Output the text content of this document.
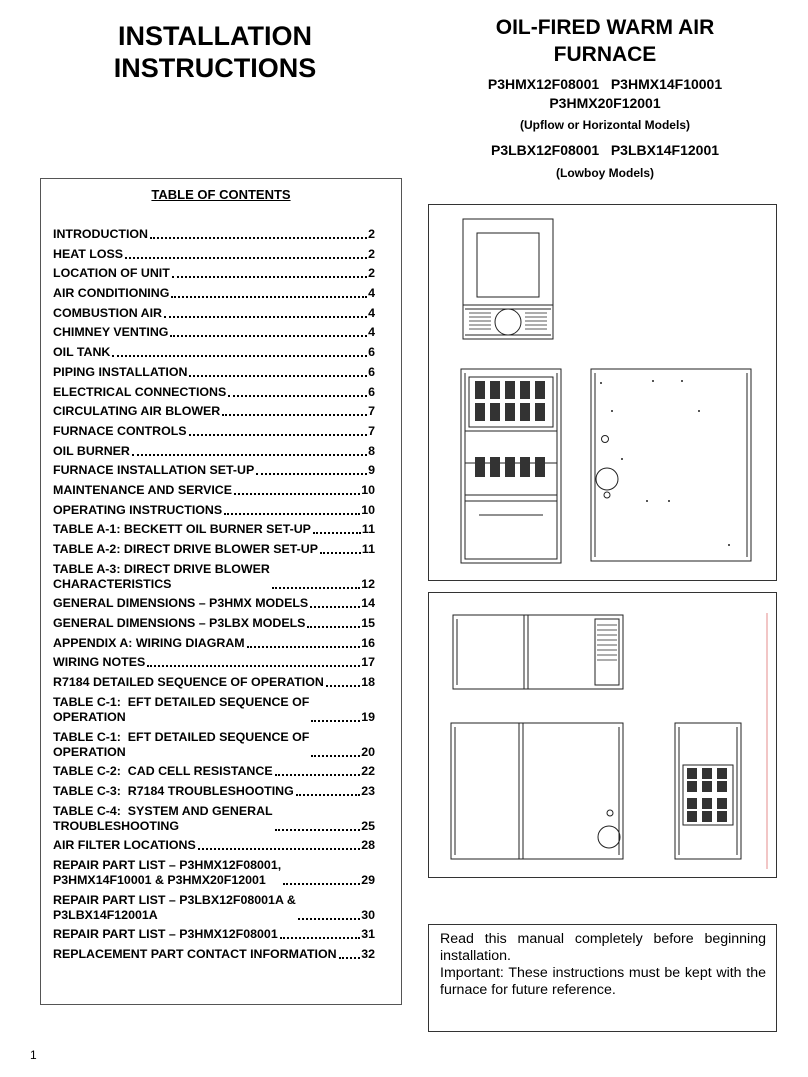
INSTALLATION
INSTRUCTIONS
OIL-FIRED WARM AIR
FURNACE
P3HMX12F08001   P3HMX14F10001
P3HMX20F12001
(Upflow or Horizontal Models)
P3LBX12F08001   P3LBX14F12001
(Lowboy Models)
TABLE OF CONTENTS
INTRODUCTION	2
HEAT LOSS	2
LOCATION OF UNIT	2
AIR CONDITIONING	4
COMBUSTION AIR	4
CHIMNEY VENTING	4
OIL TANK	6
PIPING INSTALLATION	6
ELECTRICAL CONNECTIONS	6
CIRCULATING AIR BLOWER	7
FURNACE CONTROLS	7
OIL BURNER	8
FURNACE INSTALLATION SET-UP	9
MAINTENANCE AND SERVICE	10
OPERATING INSTRUCTIONS	10
TABLE A-1: BECKETT OIL BURNER SET-UP	11
TABLE A-2: DIRECT DRIVE BLOWER SET-UP	11
TABLE A-3: DIRECT DRIVE BLOWER
CHARACTERISTICS	12
GENERAL DIMENSIONS – P3HMX MODELS	14
GENERAL DIMENSIONS – P3LBX MODELS	15
APPENDIX A: WIRING DIAGRAM	16
WIRING NOTES	17
R7184 DETAILED SEQUENCE OF OPERATION	18
TABLE C-1:  EFT DETAILED SEQUENCE OF
OPERATION	19
TABLE C-1:  EFT DETAILED SEQUENCE OF
OPERATION	20
TABLE C-2:  CAD CELL RESISTANCE	22
TABLE C-3:  R7184 TROUBLESHOOTING	23
TABLE C-4:  SYSTEM AND GENERAL
TROUBLESHOOTING	25
AIR FILTER LOCATIONS	28
REPAIR PART LIST – P3HMX12F08001,
P3HMX14F10001 & P3HMX20F12001	29
REPAIR PART LIST – P3LBX12F08001A &
P3LBX14F12001A	30
REPAIR PART LIST – P3HMX12F08001	31
REPLACEMENT PART CONTACT INFORMATION 32

Read this manual completely before beginning installation.

Important: These instructions must be kept with the furnace for future reference.

1
